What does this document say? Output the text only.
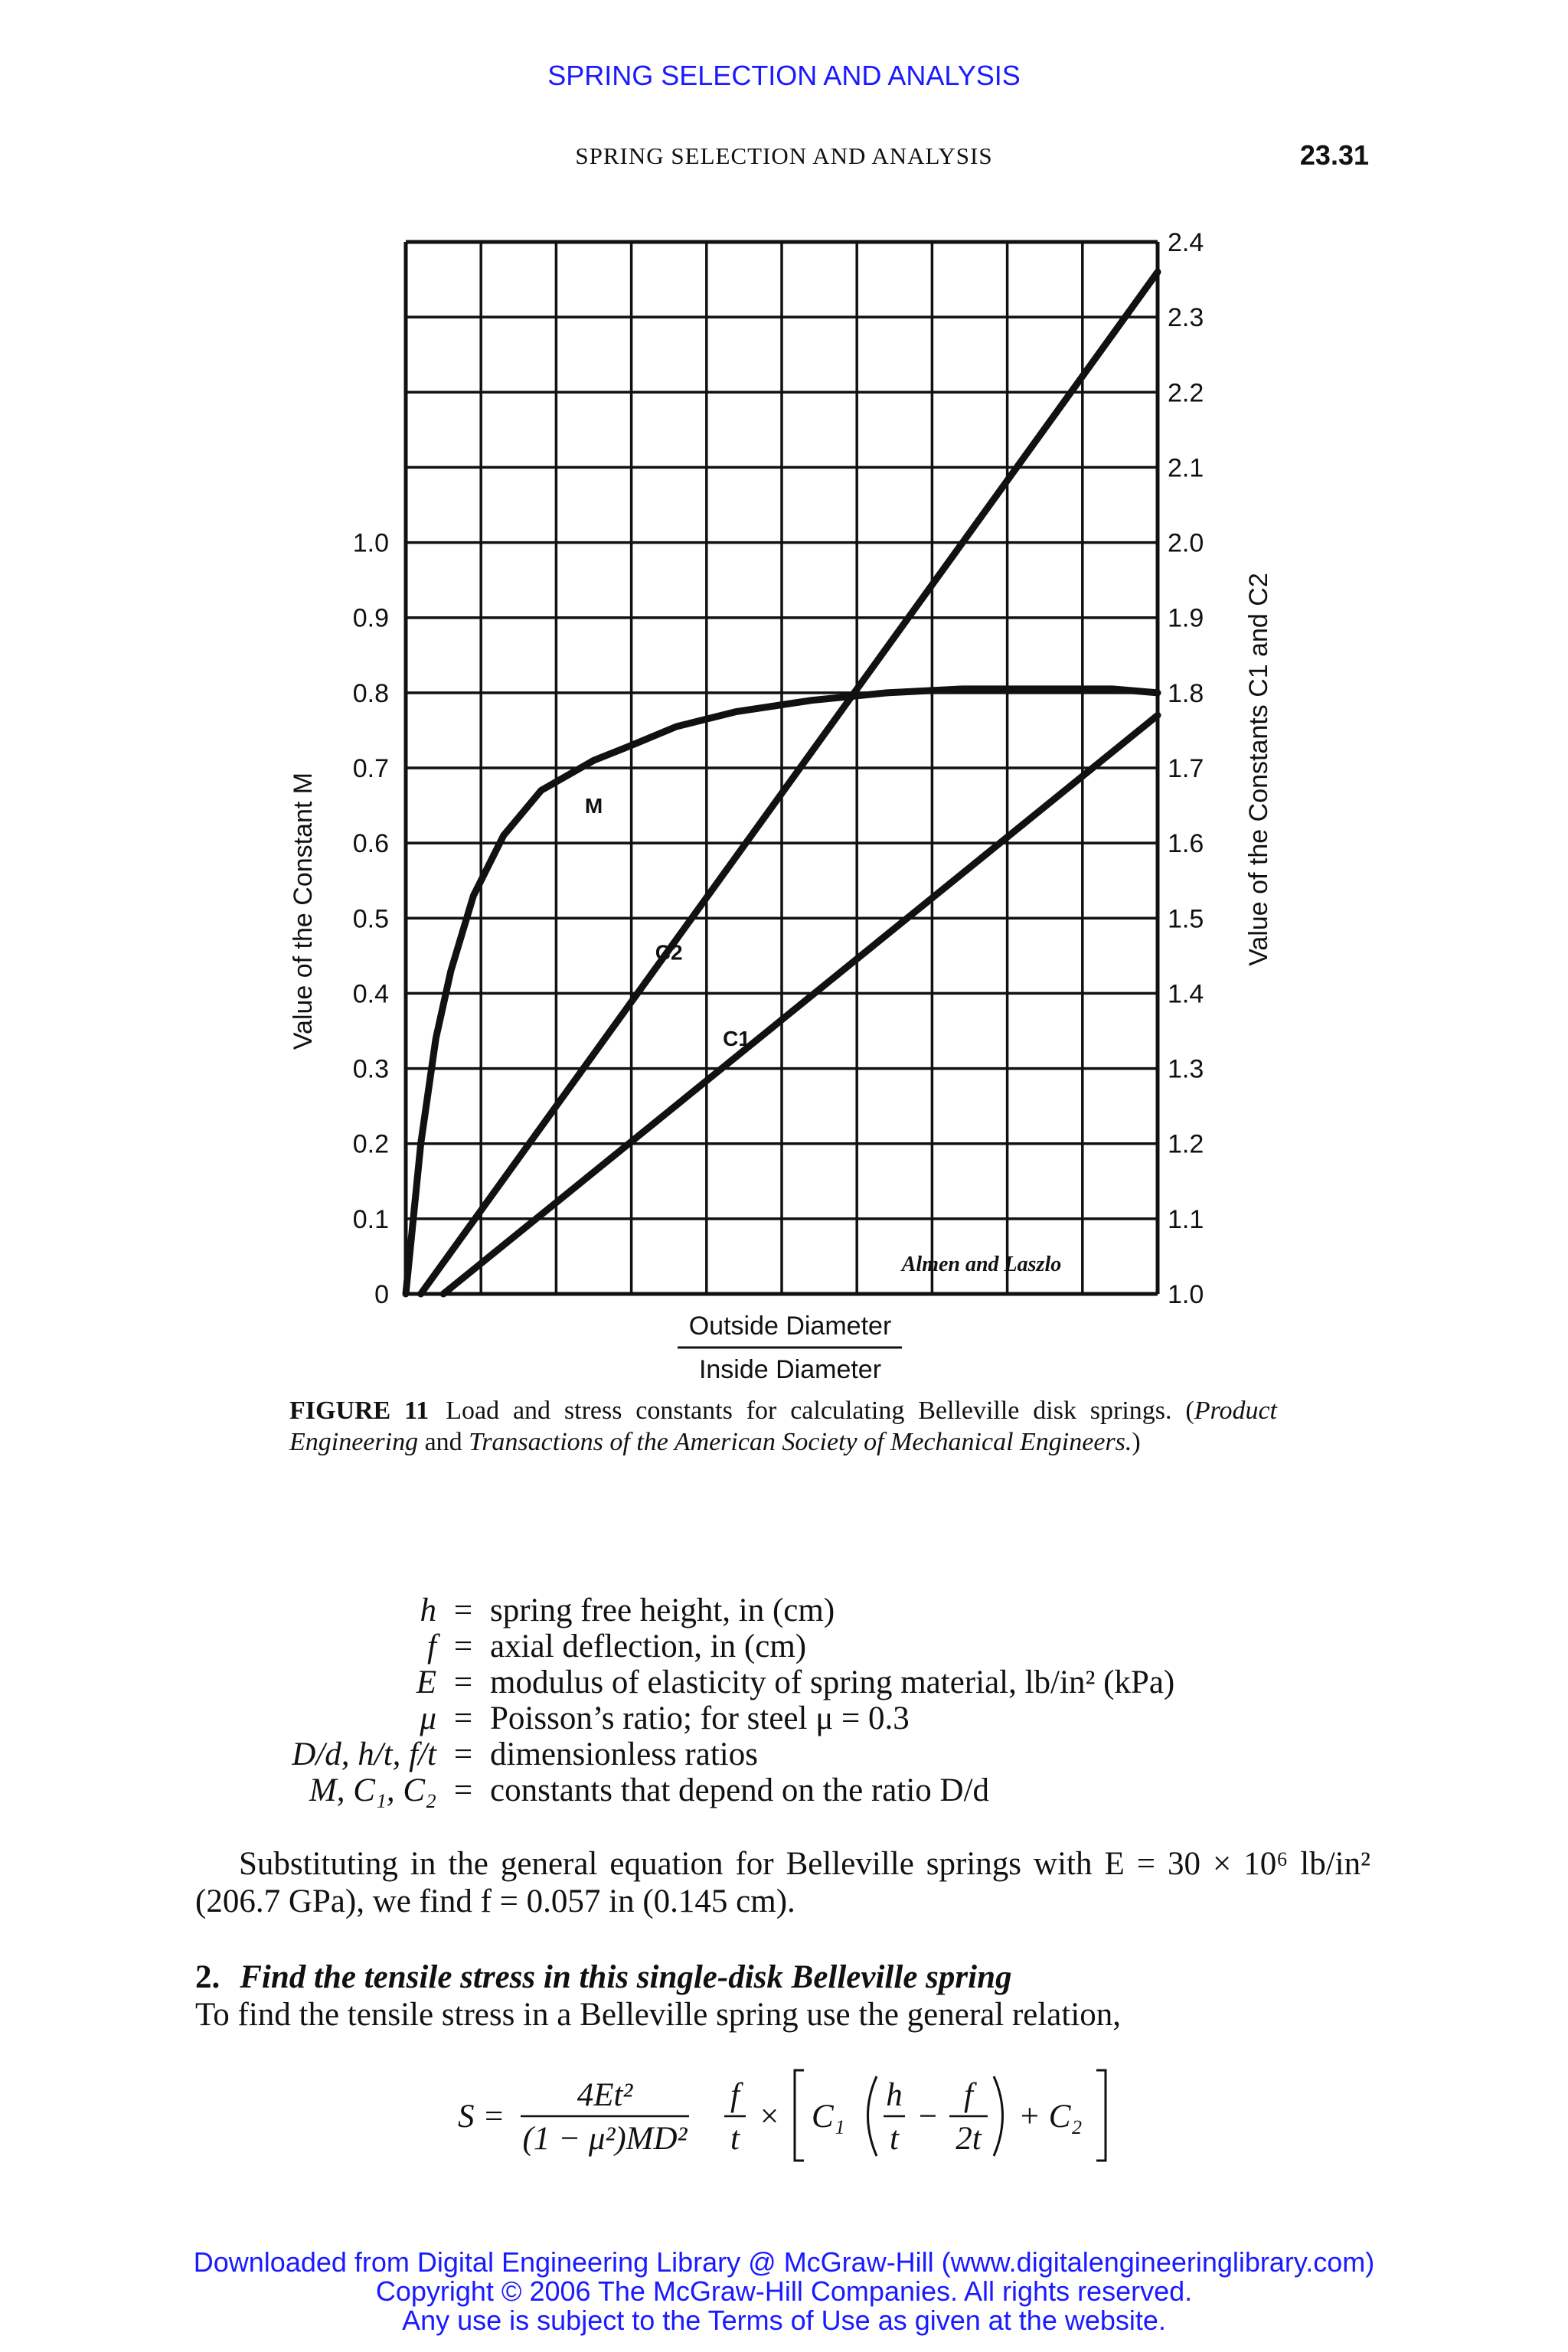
SPRING SELECTION AND ANALYSIS
SPRING SELECTION AND ANALYSIS	23.31
0
0.1
0.2
0.3
0.4
0.5
0.6
0.7
0.8
0.9
1.0
1.0
1.1
1.2
1.3
1.4
1.5
1.6
1.7
1.8
1.9
2.0
2.1
2.2
2.3
2.4
M
C2
C1
Almen and Laszlo
Value of the Constant M	Value of the Constants C1 and C2
Outside Diameter
Inside Diameter
FIGURE 11 Load and stress constants for calculating Belleville disk springs. (Product Engineering and Transactions of the American Society of Mechanical Engineers.)
h = spring free height, in (cm)
f = axial deflection, in (cm)
E = modulus of elasticity of spring material, lb/in² (kPa)
μ = Poisson’s ratio; for steel μ = 0.3
D/d, h/t, f/t = dimensionless ratios
M, C₁, C₂ = constants that depend on the ratio D/d
Substituting in the general equation for Belleville springs with E = 30 × 10⁶ lb/in² (206.7 GPa), we find f = 0.057 in (0.145 cm).
2. Find the tensile stress in this single-disk Belleville spring
To find the tensile stress in a Belleville spring use the general relation,
S =
4Et²
(1 − μ²)MD²
f
t
× C₁
h
t
−
f
2t
+ C₂
Downloaded from Digital Engineering Library @ McGraw-Hill (www.digitalengineeringlibrary.com)
Copyright © 2006 The McGraw-Hill Companies. All rights reserved.
Any use is subject to the Terms of Use as given at the website.
